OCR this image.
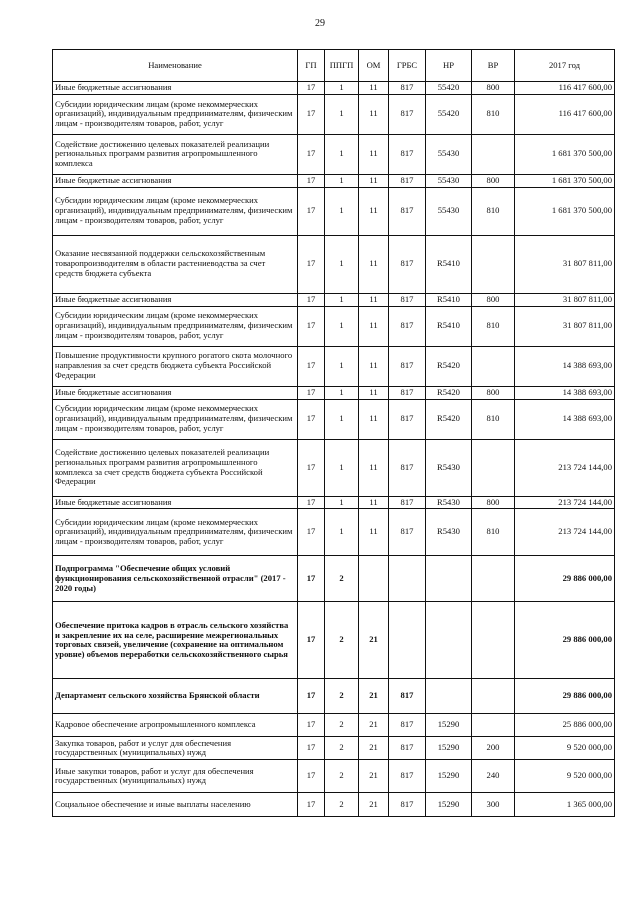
29
Наименование	ГП	ППГП	ОМ	ГРБС	НР	ВР	2017 год
Иные бюджетные ассигнования	17	1	11	817	55420	800	116 417 600,00
Субсидии юридическим лицам (кроме некоммерческих организаций), индивидуальным предпринимателям, физическим лицам - производителям товаров, работ, услуг	17	1	11	817	55420	810	116 417 600,00
Содействие достижению целевых показателей реализации региональных программ развития агропромышленного комплекса	17	1	11	817	55430		1 681 370 500,00
Иные бюджетные ассигнования	17	1	11	817	55430	800	1 681 370 500,00
Субсидии юридическим лицам (кроме некоммерческих организаций), индивидуальным предпринимателям, физическим лицам - производителям товаров, работ, услуг	17	1	11	817	55430	810	1 681 370 500,00
Оказание несвязанной поддержки сельскохозяйственным товаропроизводителям в области растениеводства за счет средств бюджета субъекта	17	1	11	817	R5410		31 807 811,00
Иные бюджетные ассигнования	17	1	11	817	R5410	800	31 807 811,00
Субсидии юридическим лицам (кроме некоммерческих организаций), индивидуальным предпринимателям, физическим лицам - производителям товаров, работ, услуг	17	1	11	817	R5410	810	31 807 811,00
Повышение продуктивности крупного рогатого скота молочного направления за счет средств бюджета субъекта Российской Федерации	17	1	11	817	R5420		14 388 693,00
Иные бюджетные ассигнования	17	1	11	817	R5420	800	14 388 693,00
Субсидии юридическим лицам (кроме некоммерческих организаций), индивидуальным предпринимателям, физическим лицам - производителям товаров, работ, услуг	17	1	11	817	R5420	810	14 388 693,00
Содействие достижению целевых показателей реализации региональных программ развития агропромышленного комплекса за счет средств бюджета субъекта Российской Федерации	17	1	11	817	R5430		213 724 144,00
Иные бюджетные ассигнования	17	1	11	817	R5430	800	213 724 144,00
Субсидии юридическим лицам (кроме некоммерческих организаций), индивидуальным предпринимателям, физическим лицам - производителям товаров, работ, услуг	17	1	11	817	R5430	810	213 724 144,00
Подпрограмма "Обеспечение общих условий функционирования сельскохозяйственной отрасли" (2017 - 2020 годы)	17	2					29 886 000,00
Обеспечение притока кадров в отрасль сельского хозяйства и закрепление их на селе, расширение межрегиональных торговых связей, увеличение (сохранение на оптимальном уровне) объемов переработки сельскохозяйственного сырья	17	2	21				29 886 000,00
Департамент сельского хозяйства Брянской области	17	2	21	817			29 886 000,00
Кадровое обеспечение агропромышленного комплекса	17	2	21	817	15290		25 886 000,00
Закупка товаров, работ и услуг для обеспечения государственных (муниципальных) нужд	17	2	21	817	15290	200	9 520 000,00
Иные закупки товаров, работ и услуг для обеспечения государственных (муниципальных) нужд	17	2	21	817	15290	240	9 520 000,00
Социальное обеспечение и иные выплаты населению	17	2	21	817	15290	300	1 365 000,00
